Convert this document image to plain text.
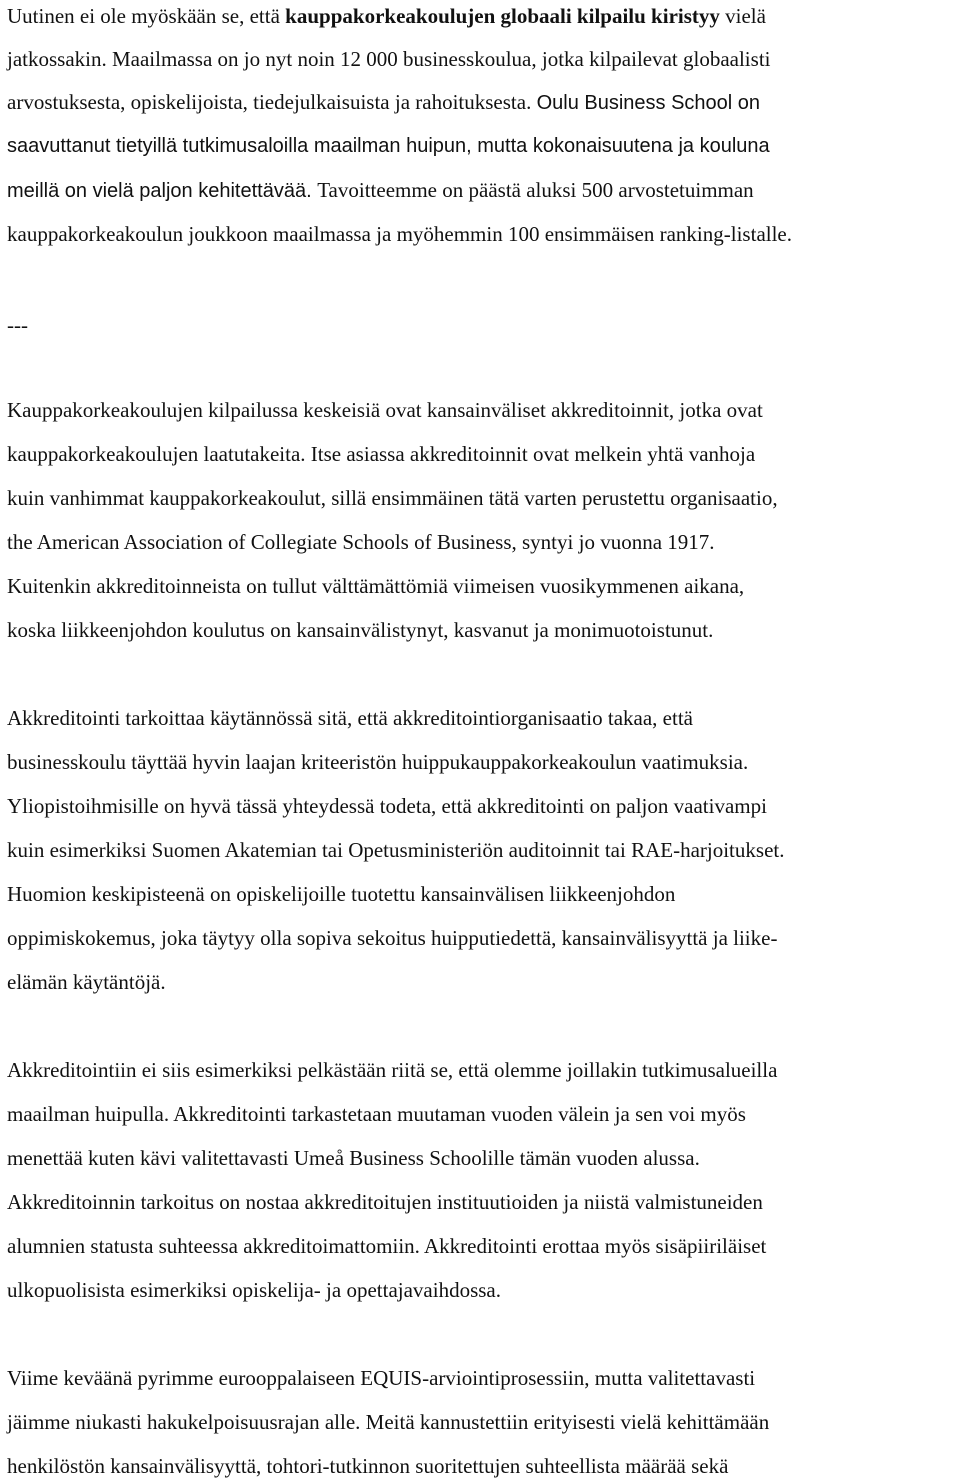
Uutinen ei ole myöskään se, että kauppakorkeakoulujen globaali kilpailu kiristyy vielä
jatkossakin. Maailmassa on jo nyt noin 12 000 businesskoulua, jotka kilpailevat globaalisti
arvostuksesta, opiskelijoista, tiedejulkaisuista ja rahoituksesta. Oulu Business School on
saavuttanut tietyillä tutkimusaloilla maailman huipun, mutta kokonaisuutena ja kouluna
meillä on vielä paljon kehitettävää. Tavoitteemme on päästä aluksi 500 arvostetuimman
kauppakorkeakoulun joukkoon maailmassa ja myöhemmin 100 ensimmäisen ranking-listalle.
---
Kauppakorkeakoulujen kilpailussa keskeisiä ovat kansainväliset akkreditoinnit, jotka ovat
kauppakorkeakoulujen laatutakeita. Itse asiassa akkreditoinnit ovat melkein yhtä vanhoja
kuin vanhimmat kauppakorkeakoulut, sillä ensimmäinen tätä varten perustettu organisaatio,
the American Association of Collegiate Schools of Business, syntyi jo vuonna 1917.
Kuitenkin akkreditoinneista on tullut välttämättömiä viimeisen vuosikymmenen aikana,
koska liikkeenjohdon koulutus on kansainvälistynyt, kasvanut ja monimuotoistunut.
Akkreditointi tarkoittaa käytännössä sitä, että akkreditointiorganisaatio takaa, että
businesskoulu täyttää hyvin laajan kriteeristön huippukauppakorkeakoulun vaatimuksia.
Yliopistoihmisille on hyvä tässä yhteydessä todeta, että akkreditointi on paljon vaativampi
kuin esimerkiksi Suomen Akatemian tai Opetusministeriön auditoinnit tai RAE-harjoitukset.
Huomion keskipisteenä on opiskelijoille tuotettu kansainvälisen liikkeenjohdon
oppimiskokemus, joka täytyy olla sopiva sekoitus huipputiedettä, kansainvälisyyttä ja liike-
elämän käytäntöjä.
Akkreditointiin ei siis esimerkiksi pelkästään riitä se, että olemme joillakin tutkimusalueilla
maailman huipulla. Akkreditointi tarkastetaan muutaman vuoden välein ja sen voi myös
menettää kuten kävi valitettavasti Umeå Business Schoolille tämän vuoden alussa.
Akkreditoinnin tarkoitus on nostaa akkreditoitujen instituutioiden ja niistä valmistuneiden
alumnien statusta suhteessa akkreditoimattomiin. Akkreditointi erottaa myös sisäpiiriläiset
ulkopuolisista esimerkiksi opiskelija- ja opettajavaihdossa.
Viime keväänä pyrimme eurooppalaiseen EQUIS-arviointiprosessiin, mutta valitettavasti
jäimme niukasti hakukelpoisuusrajan alle. Meitä kannustettiin erityisesti vielä kehittämään
henkilöstön kansainvälisyyttä, tohtori-tutkinnon suoritettujen suhteellista määrää sekä
